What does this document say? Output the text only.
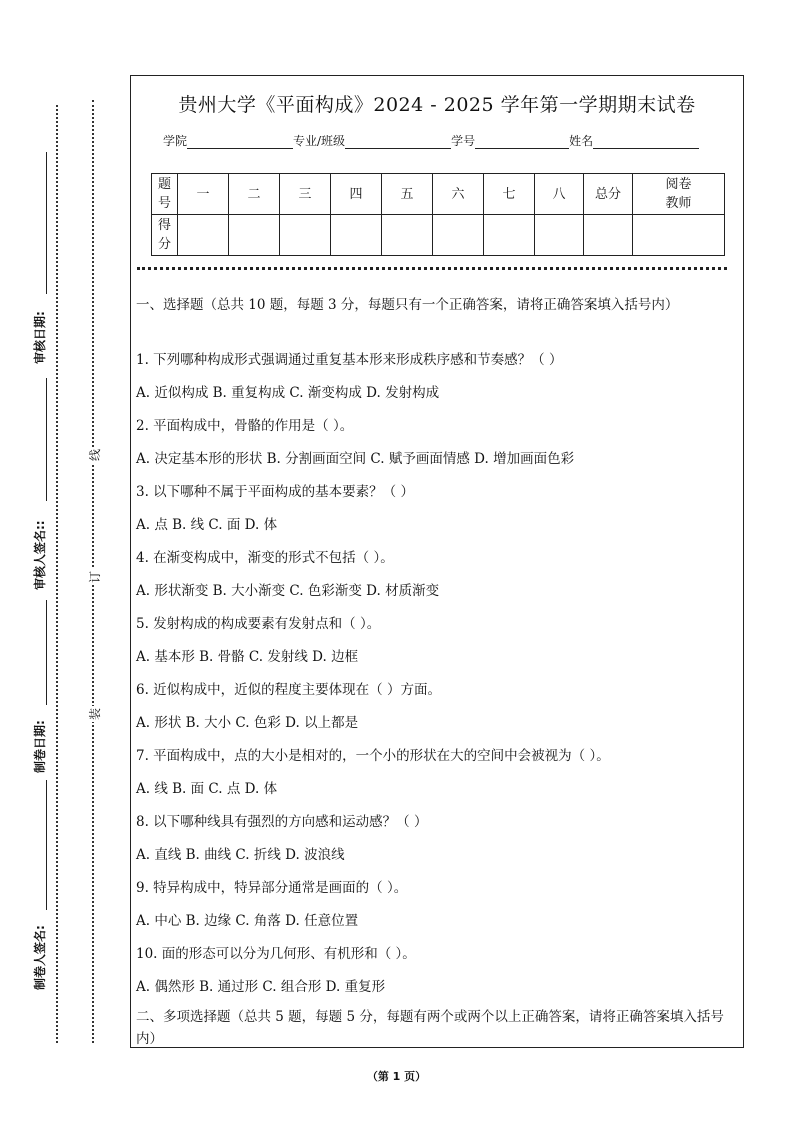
审核日期:
审核人签名::
制卷日期:
制卷人签名:
线
订
装
贵州大学《平面构成》2024 - 2025 学年第一学期期末试卷
学院	专业/班级	学号	姓名
题
号	一	二	三	四	五	六	七	八	总分	阅卷
教师
得
分										
一、选择题（总共 10 题，每题 3 分，每题只有一个正确答案，请将正确答案填入括号内）
1. 下列哪种构成形式强调通过重复基本形来形成秩序感和节奏感？（ ）
A. 近似构成 B. 重复构成 C. 渐变构成 D. 发射构成
2. 平面构成中，骨骼的作用是（ ）。
A. 决定基本形的形状 B. 分割画面空间 C. 赋予画面情感 D. 增加画面色彩
3. 以下哪种不属于平面构成的基本要素？（ ）
A. 点 B. 线 C. 面 D. 体
4. 在渐变构成中，渐变的形式不包括（ ）。
A. 形状渐变 B. 大小渐变 C. 色彩渐变 D. 材质渐变
5. 发射构成的构成要素有发射点和（ ）。
A. 基本形 B. 骨骼 C. 发射线 D. 边框
6. 近似构成中，近似的程度主要体现在（ ）方面。
A. 形状 B. 大小 C. 色彩 D. 以上都是
7. 平面构成中，点的大小是相对的，一个小的形状在大的空间中会被视为（ ）。
A. 线 B. 面 C. 点 D. 体
8. 以下哪种线具有强烈的方向感和运动感？（ ）
A. 直线 B. 曲线 C. 折线 D. 波浪线
9. 特异构成中，特异部分通常是画面的（ ）。
A. 中心 B. 边缘 C. 角落 D. 任意位置
10. 面的形态可以分为几何形、有机形和（ ）。
A. 偶然形 B. 通过形 C. 组合形 D. 重复形
二、多项选择题（总共 5 题，每题 5 分，每题有两个或两个以上正确答案，请将正确答案填入括号内）
（第 1 页）
